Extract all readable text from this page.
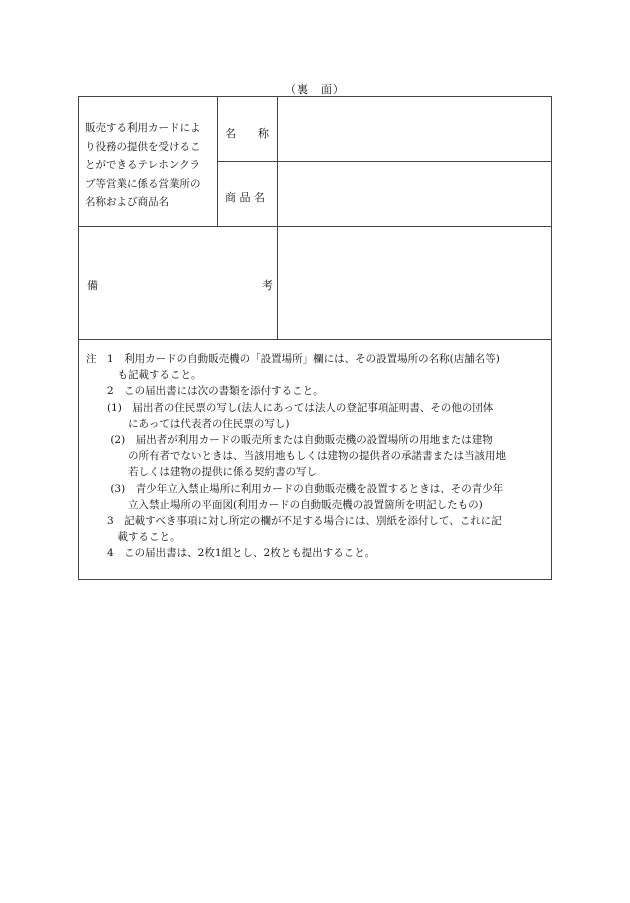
（裏　面）
販売する利用カードによ
り役務の提供を受けるこ
とができるテレホンクラ
ブ等営業に係る営業所の
名称および商品名
名　　称
商 品 名
備	考
注　1　利用カードの自動販売機の「設置場所」欄には、その設置場所の名称(店舗名等)
　　　も記載すること。
　　2　この届出書には次の書類を添付すること。
　　(1)　届出者の住民票の写し(法人にあっては法人の登記事項証明書、その他の団体
　　　　にあっては代表者の住民票の写し)
　　 (2)　届出者が利用カードの販売所または自動販売機の設置場所の用地または建物
　　　　の所有者でないときは、当該用地もしくは建物の提供者の承諾書または当該用地
　　　　若しくは建物の提供に係る契約書の写し
　　 (3)　青少年立入禁止場所に利用カードの自動販売機を設置するときは、その青少年
　　　　立入禁止場所の平面図(利用カードの自動販売機の設置箇所を明記したもの)
　　3　記載すべき事項に対し所定の欄が不足する場合には、別紙を添付して、これに記
　　　載すること。
　　4　この届出書は、2枚1組とし、2枚とも提出すること。
